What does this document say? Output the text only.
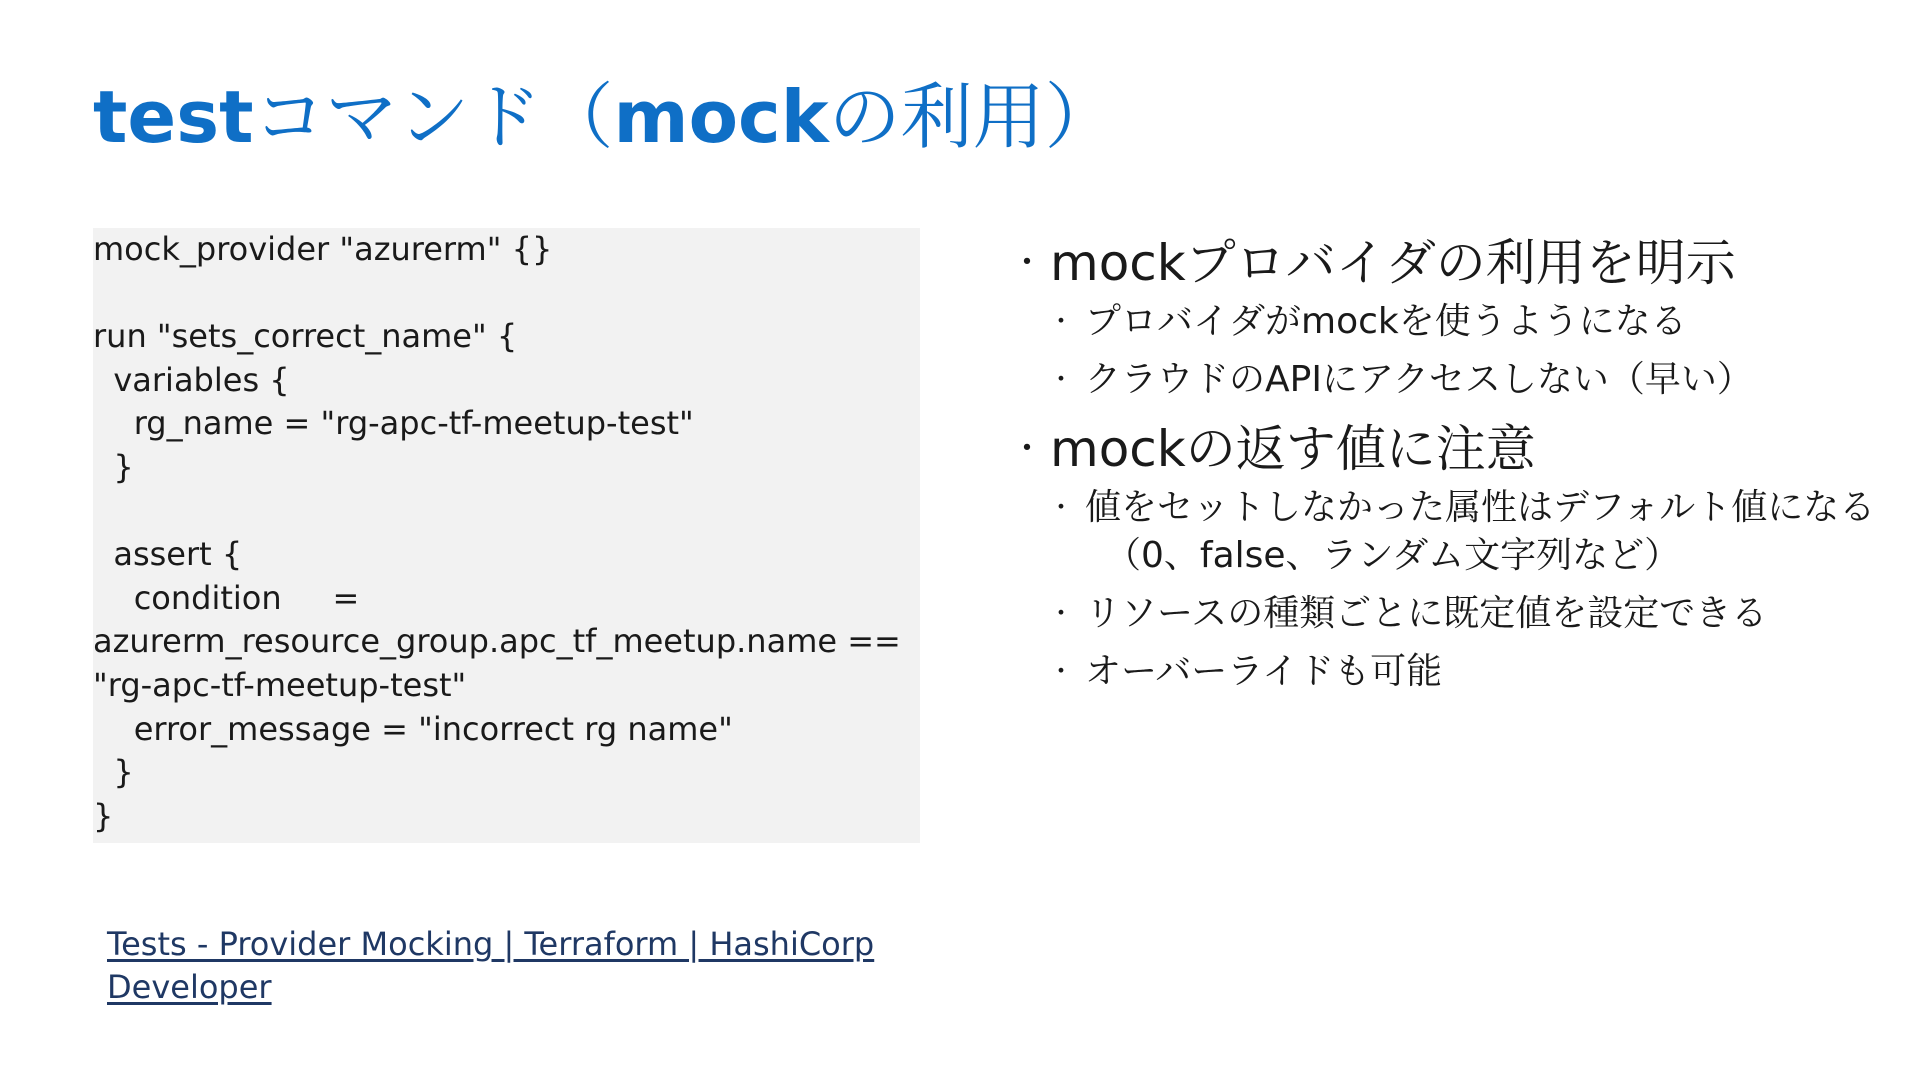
testコマンド（mockの利用）
mock_provider "azurerm" {}
run "sets_correct_name" {
variables {
rg_name = "rg-apc-tf-meetup-test"
}
assert {
condition     =
azurerm_resource_group.apc_tf_meetup.name ==
"rg-apc-tf-meetup-test"
error_message = "incorrect rg name"
}
}
Tests - Provider Mocking | Terraform | HashiCorp Developer
・ mockプロバイダの利用を明示
・ プロバイダがmockを使うようになる
・ クラウドのAPIにアクセスしない（早い）
・ mockの返す値に注意
・ 値をセットしなかった属性はデフォルト値になる
（0、false、ランダム文字列など）
・ リソースの種類ごとに既定値を設定できる
・ オーバーライドも可能
